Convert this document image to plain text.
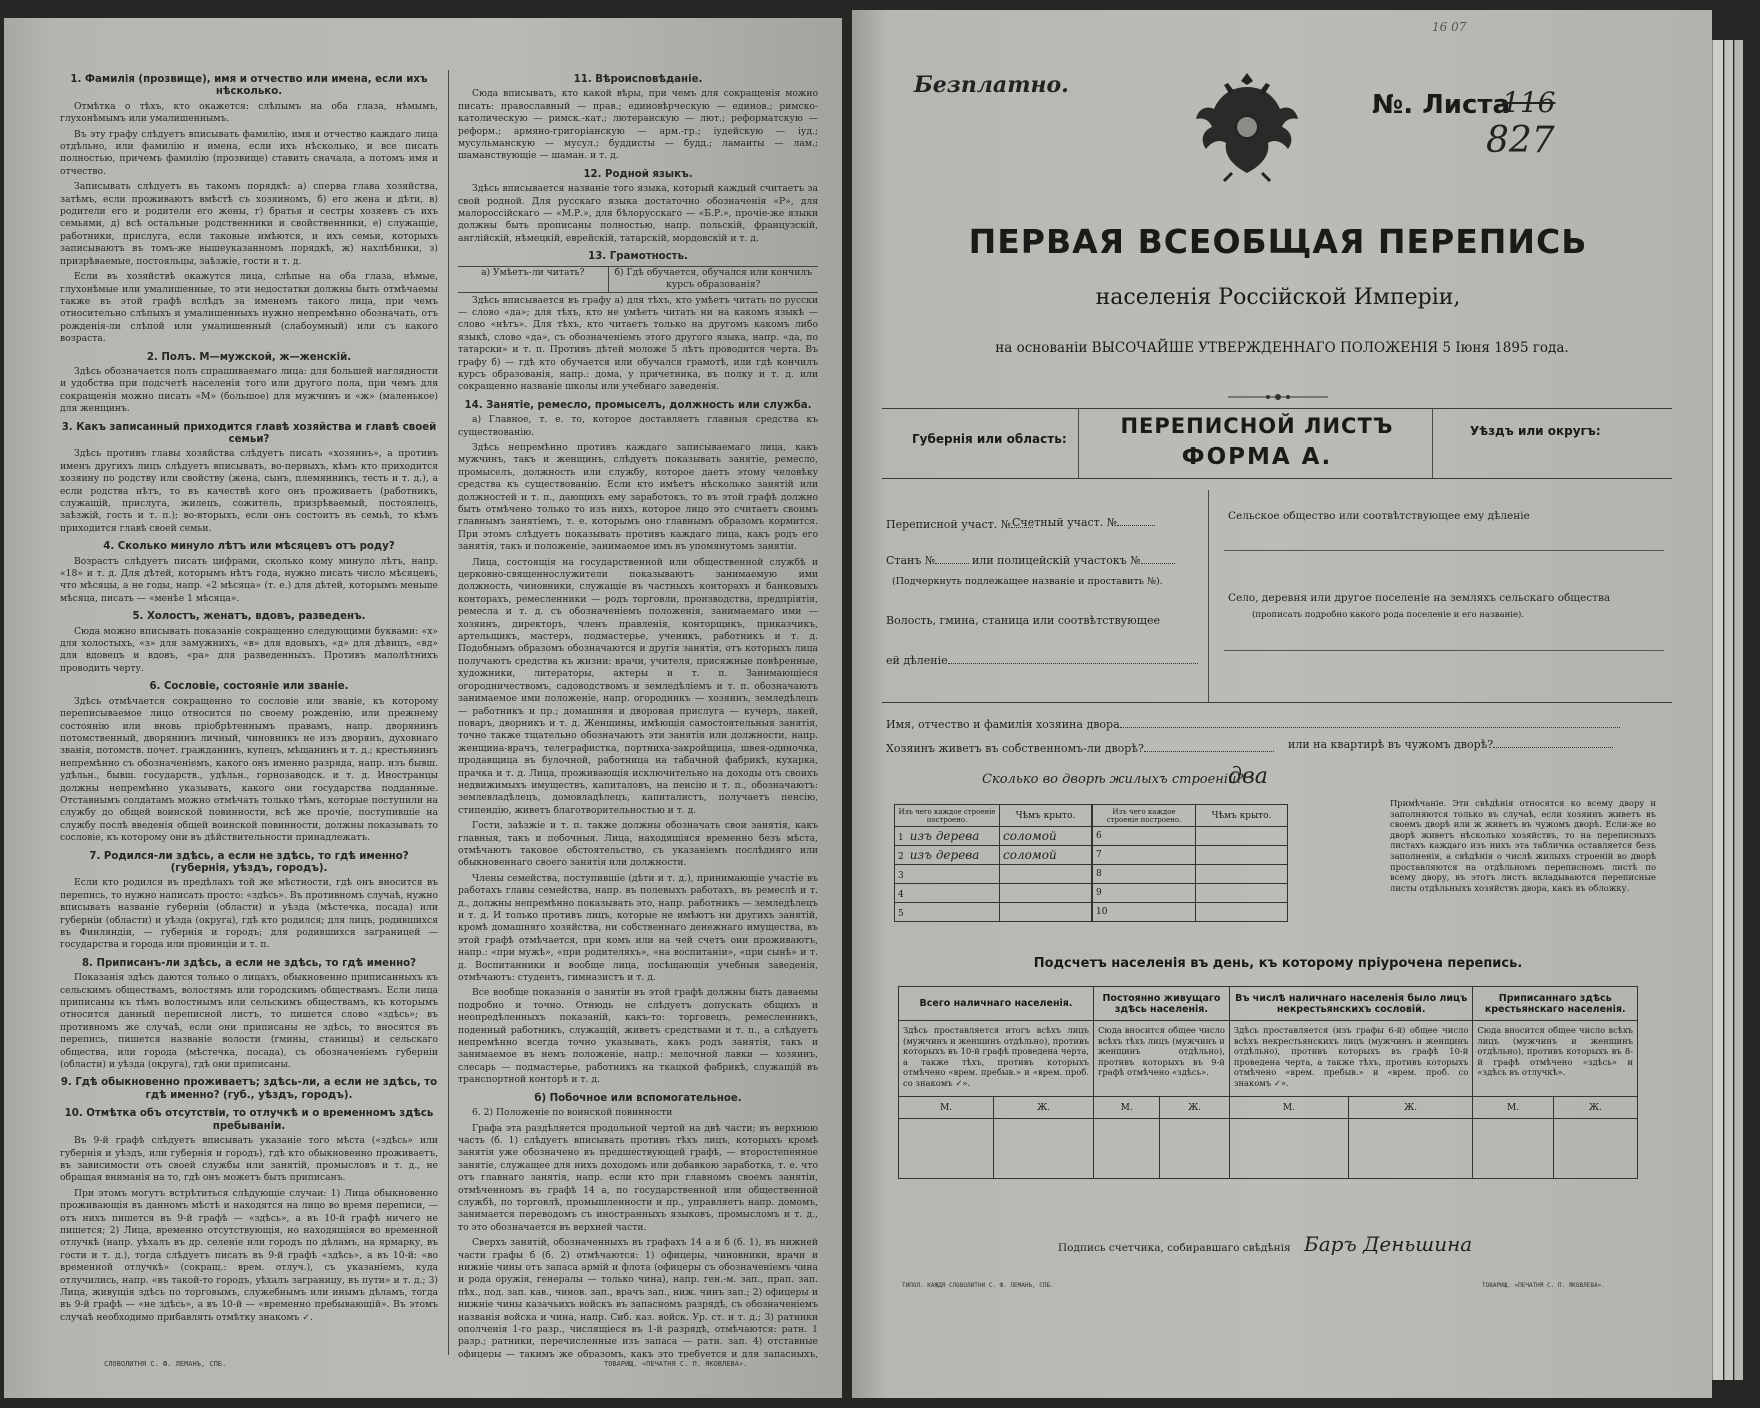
1. Фамилія (прозвище), имя и отчество или имена, если ихъ нѣсколько.

Отмѣтка о тѣхъ, кто окажется: слѣпымъ на оба глаза, нѣмымъ, глухонѣмымъ или умалишеннымъ.

Въ эту графу слѣдуетъ вписывать фамилію, имя и отчество каждаго лица отдѣльно, или фамилію и имена, если ихъ нѣсколько, и все писать полностью, причемъ фамилію (прозвище) ставить сначала, а потомъ имя и отчество.

Записывать слѣдуетъ въ такомъ порядкѣ: а) сперва глава хозяйства, затѣмъ, если проживаютъ вмѣстѣ съ хозяиномъ, б) его жена и дѣти, в) родители его и родители его жены, г) братья и сестры хозяевъ съ ихъ семьями, д) всѣ остальные родственники и свойственники, е) служащіе, работники, прислуга, если таковые имѣются, и ихъ семьи, которыхъ записываютъ въ томъ-же вышеуказанномъ порядкѣ, ж) нахлѣбники, з) призрѣваемые, постояльцы, заѣзжіе, гости и т. д.

Если въ хозяйствѣ окажутся лица, слѣпые на оба глаза, нѣмые, глухонѣмые или умалишенные, то эти недостатки должны быть отмѣчаемы также въ этой графѣ вслѣдъ за именемъ такого лица, при чемъ относительно слѣпыхъ и умалишенныхъ нужно непремѣнно обозначать, отъ рожденія-ли слѣпой или умалишенный (слабоумный) или съ какого возраста.

2. Полъ. М—мужской, ж—женскій.

Здѣсь обозначается полъ спрашиваемаго лица: для большей наглядности и удобства при подсчетѣ населенія того или другого пола, при чемъ для сокращенія можно писать «М» (большое) для мужчинъ и «ж» (маленькое) для женщинъ.

3. Какъ записанный приходится главѣ хозяйства и главѣ своей семьи?

Здѣсь противъ главы хозяйства слѣдуетъ писать «хозяинъ», а противъ именъ другихъ лицъ слѣдуетъ вписывать, во-первыхъ, кѣмъ кто приходится хозяину по родству или свойству (жена, сынъ, племянникъ, тесть и т. д.), а если родства нѣтъ, то въ качествѣ кого онъ проживаетъ (работникъ, служащій, прислуга, жилецъ, сожитель, призрѣваемый, постоялецъ, заѣзжій, гость и т. п.); во-вторыхъ, если онъ состоитъ въ семьѣ, то кѣмъ приходится главѣ своей семьи.

4. Сколько минуло лѣтъ или мѣсяцевъ отъ роду?

Возрастъ слѣдуетъ писать цифрами, сколько кому минуло лѣтъ, напр. «18» и т. д. Для дѣтей, которымъ нѣтъ года, нужно писать число мѣсяцевъ, что мѣсяцы, а не годы, напр. «2 мѣсяца» (т. е.) для дѣтей, которымъ меньше мѣсяца, писать — «менѣе 1 мѣсяца».

5. Холостъ, женатъ, вдовъ, разведенъ.

Сюда можно вписывать показаніе сокращенно следующими буквами: «х» для холостыхъ, «з» для замужнихъ, «в» для вдовыхъ, «д» для дѣвицъ, «вд» для вдовецъ и вдовъ, «ра» для разведенныхъ. Противъ малолѣтнихъ проводить черту.

6. Сословіе, состояніе или званіе.

Здѣсь отмѣчается сокращенно то сословіе или званіе, къ которому переписываемое лицо относится по своему рожденію, или прежнему состоянію или вновь пріобрѣтеннымъ правамъ, напр. дворянинъ потомственный, дворянинъ личный, чиновникъ не изъ дворянъ, духовнаго званія, потомств. почет. гражданинъ, купецъ, мѣщанинъ и т. д.; крестьянинъ непремѣнно съ обозначеніемъ, какого онъ именно разряда, напр. изъ бывш. удѣльн., бывш. государств., удѣльн., горнозаводск. и т. д. Иностранцы должны непремѣнно указывать, какого они государства подданные. Отставнымъ солдатамъ можно отмѣчать только тѣмъ, которые поступили на службу до общей воинской повинности, всѣ же прочіе, поступившіе на службу послѣ введенія общей воинской повинности, должны показывать то сословіе, къ которому они въ дѣйствительности принадлежатъ.

7. Родился-ли здѣсь, а если не здѣсь, то гдѣ именно? (губернія, уѣздъ, городъ).

Если кто родился въ предѣлахъ той же мѣстности, гдѣ онъ вносится въ перепись, то нужно написать просто: «здѣсь». Въ противномъ случаѣ, нужно вписывать названіе губерніи (области) и уѣзда (мѣстечка, посада) или губерніи (области) и уѣзда (округа), гдѣ кто родился; для лицъ, родившихся въ Финляндіи, — губернія и городъ; для родившихся заграницей — государства и города или провинціи и т. п.

8. Приписанъ-ли здѣсь, а если не здѣсь, то гдѣ именно?

Показанія здѣсь даются только о лицахъ, обыкновенно приписанныхъ къ сельскимъ обществамъ, волостямъ или городскимъ обществамъ. Если лица приписаны къ тѣмъ волостнымъ или сельскимъ обществамъ, къ которымъ относится данный переписной листъ, то пишется слово «здѣсь»; въ противномъ же случаѣ, если они приписаны не здѣсь, то вносятся въ перепись, пишется названіе волости (гмины, станицы) и сельскаго общества, или города (мѣстечка, посада), съ обозначеніемъ губерніи (области) и уѣзда (округа), гдѣ они приписаны.

9. Гдѣ обыкновенно проживаетъ; здѣсь-ли, а если не здѣсь, то гдѣ именно? (губ., уѣздъ, городъ).
10. Отмѣтка объ отсутствіи, то отлучкѣ и о временномъ здѣсь пребываніи.

Въ 9-й графѣ слѣдуетъ вписывать указаніе того мѣста («здѣсь» или губернія и уѣздъ, или губернія и городъ), гдѣ кто обыкновенно проживаетъ, въ зависимости отъ своей службы или занятій, промысловъ и т. д., не обращая вниманія на то, гдѣ онъ можетъ быть приписанъ.

При этомъ могутъ встрѣтиться слѣдующіе случаи: 1) Лица обыкновенно проживающія въ данномъ мѣстѣ и находятся на лицо во время переписи, — отъ нихъ пишется въ 9-й графѣ — «здѣсь», а въ 10-й графѣ ничего не пишется; 2) Лица, временно отсутствующія, но находящіяся во временной отлучкѣ (напр. уѣхалъ въ др. селеніе или городъ по дѣламъ, на ярмарку, въ гости и т. д.), тогда слѣдуетъ писать въ 9-й графѣ «здѣсь», а въ 10-й: «во временной отлучкѣ» (сокращ.: врем. отлуч.), съ указаніемъ, куда отлучились, напр. «въ такой-то городъ, уѣхалъ заграницу, въ пути» и т. д.; 3) Лица, живущія здѣсь по торговымъ, служебнымъ или инымъ дѣламъ, тогда въ 9-й графѣ — «не здѣсь», а въ 10-й — «временно пребывающій». Въ этомъ случаѣ необходимо прибавлять отмѣтку знакомъ ✓.

11. Вѣроисповѣданіе.

Сюда вписывать, кто какой вѣры, при чемъ для сокращенія можно писать: православный — прав.; единовѣрческую — единов.; римско-католическую — римск.-кат.; лютеранскую — лют.; реформатскую — реформ.; армяно-григоріанскую — арм.-гр.; іудейскую — іуд.; мусульманскую — мусул.; буддисты — будд.; ламаиты — лам.; шаманствующіе — шаман. и т. д.

12. Родной языкъ.

Здѣсь вписывается названіе того языка, который каждый считаетъ за свой родной. Для русскаго языка достаточно обозначенія «Р», для малороссійскаго — «М.Р.», для бѣлорусскаго — «Б.Р.», прочіе-же языки должны быть прописаны полностью, напр. польскій, французскій, англійскій, нѣмецкій, еврейскій, татарскій, мордовскій и т. д.

13. Грамотность.
а) Умѣетъ-ли читать?	б) Гдѣ обучается, обучался или кончилъ курсъ образованія?

Здѣсь вписывается въ графу а) для тѣхъ, кто умѣетъ читать по русски — слово «да»; для тѣхъ, кто не умѣетъ читать ни на какомъ языкѣ — слово «нѣтъ». Для тѣхъ, кто читаетъ только на другомъ какомъ либо языкѣ, слово «да», съ обозначеніемъ этого другого языка, напр. «да, по татарски» и т. п. Противъ дѣтей моложе 5 лѣтъ проводится черта. Въ графу б) — гдѣ кто обучается или обучался грамотѣ, или гдѣ кончилъ курсъ образованія, напр.: дома, у причетника, въ полку и т. д. или сокращенно названіе школы или учебнаго заведенія.

14. Занятіе, ремесло, промыселъ, должность или служба.

а) Главное, т. е. то, которое доставляетъ главныя средства къ существованію.

Здѣсь непремѣнно противъ каждаго записываемаго лица, какъ мужчинъ, такъ и женщинъ, слѣдуетъ показывать занятіе, ремесло, промыселъ, должность или службу, которое даетъ этому человѣку средства къ существованію. Если кто имѣетъ нѣсколько занятій или должностей и т. п., дающихъ ему заработокъ, то въ этой графѣ должно быть отмѣчено только то изъ нихъ, которое лицо это считаетъ своимъ главнымъ занятіемъ, т. е. которымъ оно главнымъ образомъ кормится. При этомъ слѣдуетъ показывать противъ каждаго лица, какъ родъ его занятія, такъ и положеніе, занимаемое имъ въ упомянутомъ занятіи.

Лица, состоящія на государственной или общественной службѣ и церковно-священнослужители показываютъ занимаемую ими должность, чиновники, служащіе въ частныхъ конторахъ и банковыхъ конторахъ, ремесленники — родъ торговли, производства, предпріятія, ремесла и т. д. съ обозначеніемъ положенія, занимаемаго ими — хозяинъ, директоръ, членъ правленія, конторщикъ, приказчикъ, артельщикъ, мастеръ, подмастерье, ученикъ, работникъ и т. д. Подобнымъ образомъ обозначаются и другія занятія, отъ которыхъ лица получаютъ средства къ жизни: врачи, учителя, присяжные повѣренные, художники, литераторы, актеры и т. п. Занимающіеся огородничествомъ, садоводствомъ и земледѣліемъ и т. п. обозначаютъ занимаемое ими положеніе, напр. огородникъ — хозяинъ, земледѣлецъ — работникъ и пр.; домашняя и дворовая прислуга — кучеръ, лакей, поваръ, дворникъ и т. д. Женщины, имѣющія самостоятельныя занятія, точно также тщательно обозначаютъ эти занятія или должности, напр. женщина-врачъ, телеграфистка, портниха-закройщица, швея-одиночка, продавщица въ булочной, работница на табачной фабрикѣ, кухарка, прачка и т. д. Лица, проживающія исключительно на доходы отъ своихъ недвижимыхъ имуществъ, капиталовъ, на пенсію и т. п., обозначаютъ: землевладѣлецъ, домовладѣлецъ, капиталистъ, получаетъ пенсію, стипендію, живетъ благотворительностью и т. д.

Гости, заѣзжіе и т. п. также должны обозначать свои занятія, какъ главныя, такъ и побочныя. Лица, находящіяся временно безъ мѣста, отмѣчаютъ таковое обстоятельство, съ указаніемъ послѣдняго или обыкновеннаго своего занятія или должности.

Члены семейства, поступившіе (дѣти и т. д.), принимающіе участіе въ работахъ главы семейства, напр. въ полевыхъ работахъ, въ ремеслѣ и т. д., должны непремѣнно показывать это, напр. работникъ — земледѣлецъ и т. д. И только противъ лицъ, которые не имѣютъ ни другихъ занятій, кромѣ домашняго хозяйства, ни собственнаго денежнаго имущества, въ этой графѣ отмѣчается, при комъ или на чей счетъ они проживаютъ, напр.: «при мужѣ», «при родителяхъ», «на воспитаніи», «при сынѣ» и т. д. Воспитанники и вообще лица, посѣщающія учебныя заведенія, отмѣчаютъ: студентъ, гимназистъ и т. д.

Все вообще показанія о занятіи въ этой графѣ должны быть даваемы подробно и точно. Отнюдь не слѣдуетъ допускать общихъ и неопредѣленныхъ показаній, какъ-то: торговецъ, ремесленникъ, поденный работникъ, служащій, живетъ средствами и т. п., а слѣдуетъ непремѣнно всегда точно указывать, какъ родъ занятія, такъ и занимаемое въ немъ положеніе, напр.: мелочной лавки — хозяинъ, слесарь — подмастерье, работникъ на ткацкой фабрикѣ, служащій въ транспортной конторѣ и т. д.

б) Побочное или вспомогательное.

6. 2) Положеніе по воинской повинности

Графа эта раздѣляется продольной чертой на двѣ части; въ верхнюю часть (б. 1) слѣдуетъ вписывать противъ тѣхъ лицъ, которыхъ кромѣ занятія уже обозначено въ предшествующей графѣ, — второстепенное занятіе, служащее для нихъ доходомъ или добавкою заработка, т. е. что отъ главнаго занятія, напр. если кто при главномъ своемъ занятіи, отмѣченномъ въ графѣ 14 а, по государственной или общественной службѣ, по торговлѣ, промышленности и пр., управляетъ напр. домомъ, занимается переводомъ съ иностранныхъ языковъ, промысломъ и т. д., то это обозначается въ верхней части.

Сверхъ занятій, обозначенныхъ въ графахъ 14 а и б (б. 1), въ нижней части графы б (б. 2) отмѣчаются: 1) офицеры, чиновники, врачи и нижніе чины отъ запаса армій и флота (офицеры съ обозначеніемъ чина и рода оружія, генералы — только чина), напр. ген.-м. зап., прап. зап. пѣх., под. зап. кав., чинов. зап., врачъ зап., ниж. чинъ зап.; 2) офицеры и нижніе чины казачьихъ войскъ въ запасномъ разрядѣ, съ обозначеніемъ названія войска и чина, напр. Сиб. каз. войск. Ур. ст. и т. д.; 3) ратники ополченія 1-го разр., числящіеся въ 1-й разрядѣ, отмѣчаются: ратн. 1 разр.; ратники, перечисленные изъ запаса — ратн. зап. 4) отставные офицеры — такимъ же образомъ, какъ это требуется и для запасныхъ,

СЛОВОЛИТНЯ С. Ф. ЛЕМАНЪ, СПБ.	ТОВАРИЩ. «ПЕЧАТНЯ С. П. ЯКОВЛЕВА».
Безплатно.
16 07
№. Листа
116
827
ПЕРВАЯ ВСЕОБЩАЯ ПЕРЕПИСЬ
населенія Россійской Имперіи,
на основаніи ВЫСОЧАЙШЕ УТВЕРЖДЕННАГО ПОЛОЖЕНІЯ 5 Іюня 1895 года.
Губернія или область:
ПЕРЕПИСНОЙ ЛИСТЪ
ФОРМА А.
Уѣздъ или округъ:
Переписной участ. № Счетный участ. №
Станъ №	или полицейскій участокъ №
(Подчеркнуть подлежащее названіе и проставить №).
Волость, гмина, станица или соотвѣтствующее
ей дѣленіе
Сельское общество или соотвѣтствующее ему дѣленіе
Село, деревня или другое поселеніе на земляхъ сельскаго общества
(прописать подробно какого рода поселеніе и его названіе).
Имя, отчество и фамилія хозяина двора
Хозяинъ живетъ въ собственномъ-ли дворѣ?	или на квартирѣ въ чужомъ дворѣ?
Сколько во дворѣ жилыхъ строеній?
два
Изъ чего каждое строеніе построено.	Чѣмъ крыто.
1 изъ дерева	соломой
2 изъ дерева	соломой
3	
4	
5	
Изъ чего каждое строеніе построено.	Чѣмъ крыто.
6	
7	
8	
9	
10	
Примѣчаніе. Эти свѣдѣнія относятся ко всему двору и заполняются только въ случаѣ, если хозяинъ живетъ въ своемъ дворѣ или ж живетъ въ чужомъ дворѣ. Если-же во дворѣ живетъ нѣсколько хозяйствъ, то на переписныхъ листахъ каждаго изъ нихъ эта табличка оставляется безъ заполненія, а свѣдѣнія о числѣ жилыхъ строеній во дворѣ проставляются на отдѣльномъ переписномъ листѣ по всему двору, въ этотъ листъ вкладываются переписные листы отдѣльныхъ хозяйствъ двора, какъ въ обложку.
Подсчетъ населенія въ день, къ которому пріурочена перепись.
Всего наличнаго населенія.		Постоянно живущаго здѣсь населенія.		Въ числѣ наличнаго населенія было лицъ некрестьянскихъ сословій.		Приписаннаго здѣсь крестьянскаго населенія.	
Здѣсь проставляется итогъ всѣхъ лицъ (мужчинъ и женщинъ отдѣльно), противъ которыхъ въ 10-й графѣ проведена черта, а также тѣхъ, противъ которыхъ отмѣчено «врем. пребыв.» и «врем. проб. со знакомъ ✓».		Сюда вносится общее число всѣхъ тѣхъ лицъ (мужчинъ и женщинъ отдѣльно), противъ которыхъ въ 9-й графѣ отмѣчено «здѣсь».		Здѣсь проставляется (изъ графы 6-й) общее число всѣхъ некрестьянскихъ лицъ (мужчинъ и женщинъ отдѣльно), противъ которыхъ въ графѣ 10-й проведена черта, а также тѣхъ, противъ которыхъ отмѣчено «врем. пребыв.» и «врем. проб. со знакомъ ✓».		Сюда вносится общее число всѣхъ лицъ (мужчинъ и женщинъ отдѣльно), противъ которыхъ въ 8-й графѣ отмѣчено «здѣсь» и «здѣсь въ отлучкѣ».	
М.	Ж.	М.	Ж.	М.	Ж.	М.	Ж.

Подпись счетчика, собиравшаго свѣдѣнія Баръ Деньшина
ТИПОЛ. КАЖДЯ СЛОВОЛИТНИ С. Ф. ЛЕМАНЪ, СПБ.	ТОВАРИЩ. «ПЕЧАТНЯ С. П. ЯКОВЛЕВА».
